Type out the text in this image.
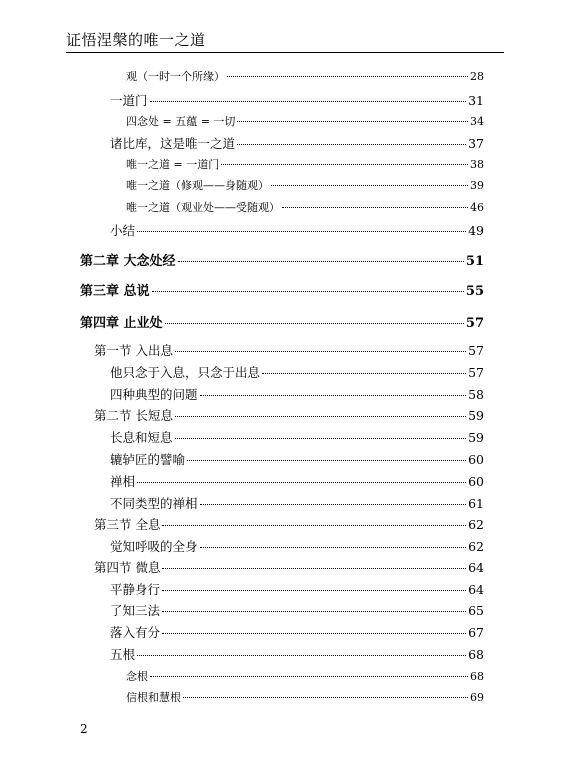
证悟涅槃的唯一之道
观（一时一个所缘）	28
一道门	31
四念处 = 五蕴 = 一切	34
诸比库，这是唯一之道	37
唯一之道 = 一道门	38
唯一之道（修观——身随观）	39
唯一之道（观业处——受随观）	46
小结	49
第二章 大念处经	51
第三章 总说	55
第四章 止业处	57
第一节 入出息	57
他只念于入息，只念于出息	57
四种典型的问题	58
第二节 长短息	59
长息和短息	59
辘轳匠的譬喻	60
禅相	60
不同类型的禅相	61
第三节 全息	62
觉知呼吸的全身	62
第四节 微息	64
平静身行	64
了知三法	65
落入有分	67
五根	68
念根	68
信根和慧根	69
2
